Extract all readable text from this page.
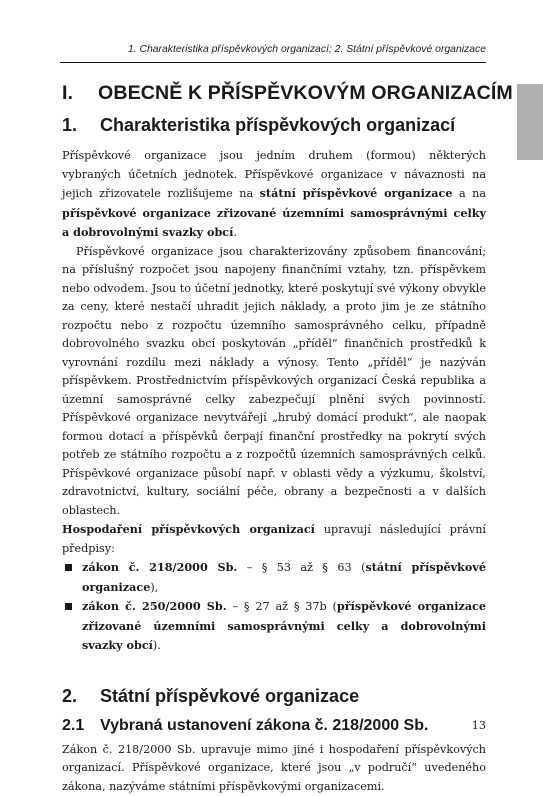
1. Charakteristika příspěvkových organizací; 2. Státní příspěvkové organizace
I.	OBECNĚ K PŘÍSPĚVKOVÝM ORGANIZACÍM
1.	Charakteristika příspěvkových organizací

Příspěvkové organizace jsou jedním druhem (formou) některých vybraných účetních jednotek. Příspěvkové organizace v návaznosti na jejich zřizovatele rozlišujeme na státní příspěvkové organizace a na příspěvkové organizace zřizované územními samosprávnými celky a dobrovolnými svazky obcí.

Příspěvkové organizace jsou charakterizovány způsobem financování; na příslušný rozpočet jsou napojeny finančními vztahy, tzn. příspěvkem nebo odvodem. Jsou to účetní jednotky, které poskytují své výkony obvykle za ceny, které nestačí uhradit jejich náklady, a proto jim je ze státního rozpočtu nebo z rozpočtu územního samosprávného celku, případně dobrovolného svazku obcí poskytován „příděl“ finančních prostředků k vyrovnání rozdílu mezi náklady a výnosy. Tento „příděl“ je nazýván příspěvkem. Prostřednictvím příspěvkových organizací Česká republika a územní samosprávné celky zabezpečují plnění svých povinností. Příspěvkové organizace nevytvářejí „hrubý domácí produkt“, ale naopak formou dotací a příspěvků čerpají finanční prostředky na pokrytí svých potřeb ze státního rozpočtu a z rozpočtů územních samosprávných celků. Příspěvkové organizace působí např. v oblasti vědy a výzkumu, školství, zdravotnictví, kultury, sociální péče, obrany a bezpečnosti a v dalších oblastech.

Hospodaření příspěvkových organizací upravují následující právní předpisy:

zákon č. 218/2000 Sb. – § 53 až § 63 (státní příspěvkové organizace),
zákon č. 250/2000 Sb. – § 27 až § 37b (příspěvkové organizace zřizované územními samosprávnými celky a dobrovolnými svazky obcí).
2.	Státní příspěvkové organizace
2.1 Vybraná ustanovení zákona č. 218/2000 Sb.

Zákon č. 218/2000 Sb. upravuje mimo jiné i hospodaření příspěvkových organizací. Příspěvkové organizace, které jsou „v područí“ uvedeného zákona, nazýváme státními příspěvkovými organizacemi.

13
